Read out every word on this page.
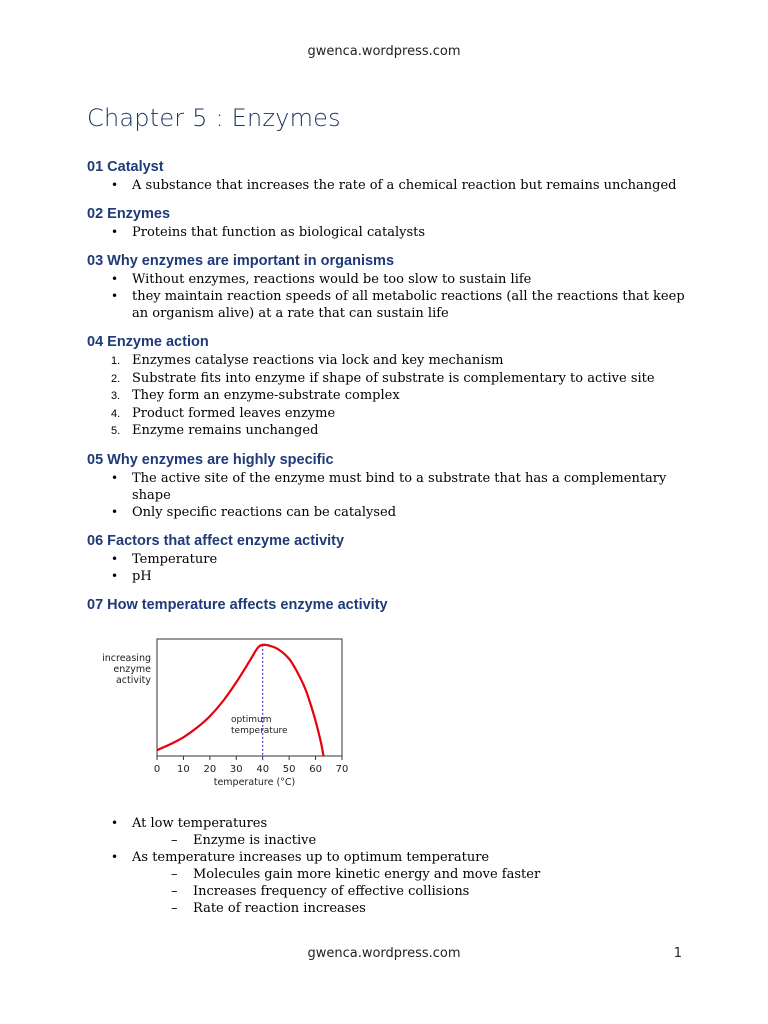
gwenca.wordpress.com
Chapter 5 : Enzymes
01 Catalyst
• A substance that increases the rate of a chemical reaction but remains unchanged
02 Enzymes
• Proteins that function as biological catalysts
03 Why enzymes are important in organisms
• Without enzymes, reactions would be too slow to sustain life
• they maintain reaction speeds of all metabolic reactions (all the reactions that keep an organism alive) at a rate that can sustain life
04 Enzyme action
1. Enzymes catalyse reactions via lock and key mechanism
2. Substrate fits into enzyme if shape of substrate is complementary to active site
3. They form an enzyme-substrate complex
4. Product formed leaves enzyme
5. Enzyme remains unchanged
05 Why enzymes are highly specific
• The active site of the enzyme must bind to a substrate that has a complementary shape
• Only specific reactions can be catalysed
06 Factors that affect enzyme activity
• Temperature
• pH
07 How temperature affects enzyme activity
0 10 20 30 40 50 60 70
temperature (°C)
increasing
enzyme
activity
optimum
temperature
• At low temperatures
– Enzyme is inactive
• As temperature increases up to optimum temperature
– Molecules gain more kinetic energy and move faster
– Increases frequency of effective collisions
– Rate of reaction increases
gwenca.wordpress.com	1
